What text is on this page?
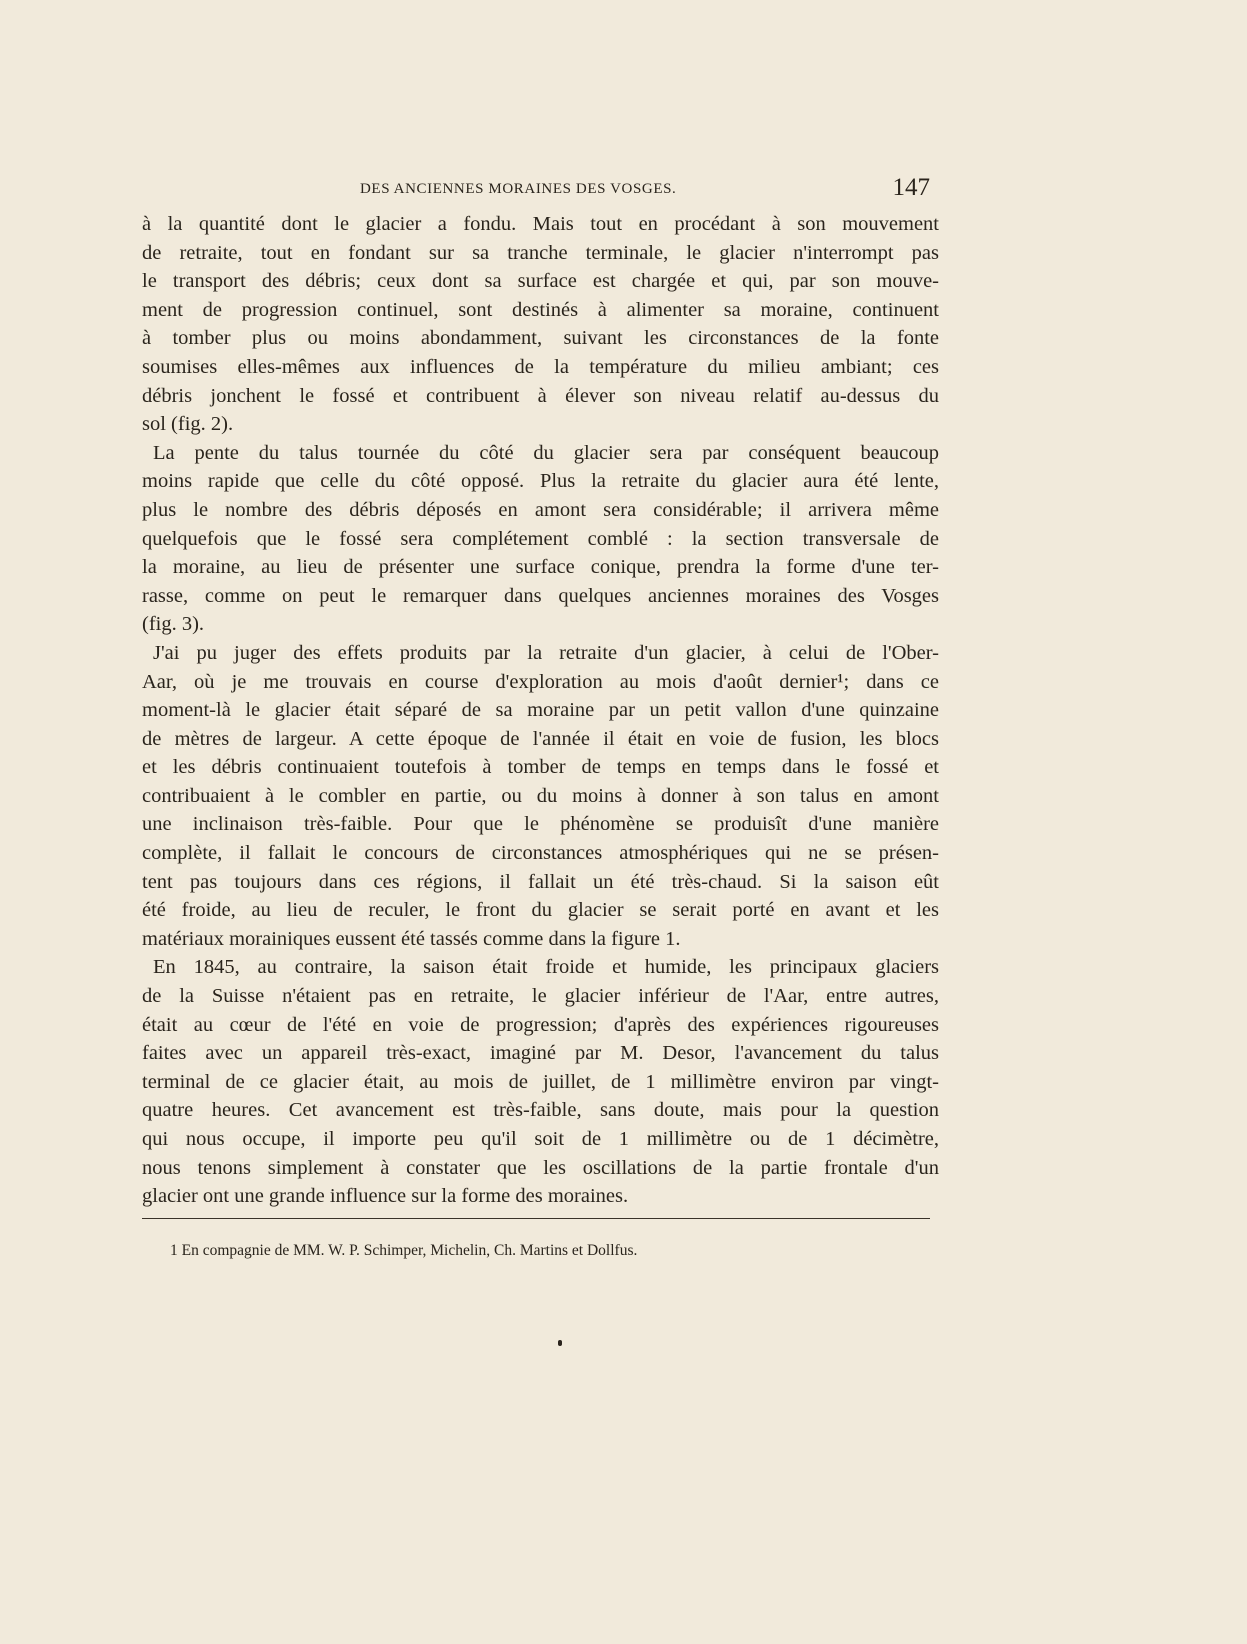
DES ANCIENNES MORAINES DES VOSGES.	147
à la quantité dont le glacier a fondu. Mais tout en procédant à son mouvement
de retraite, tout en fondant sur sa tranche terminale, le glacier n'interrompt pas
le transport des débris; ceux dont sa surface est chargée et qui, par son mouve-
ment de progression continuel, sont destinés à alimenter sa moraine, continuent
à tomber plus ou moins abondamment, suivant les circonstances de la fonte
soumises elles-mêmes aux influences de la température du milieu ambiant; ces
débris jonchent le fossé et contribuent à élever son niveau relatif au-dessus du
sol (fig. 2).
La pente du talus tournée du côté du glacier sera par conséquent beaucoup
moins rapide que celle du côté opposé. Plus la retraite du glacier aura été lente,
plus le nombre des débris déposés en amont sera considérable; il arrivera même
quelquefois que le fossé sera complétement comblé : la section transversale de
la moraine, au lieu de présenter une surface conique, prendra la forme d'une ter-
rasse, comme on peut le remarquer dans quelques anciennes moraines des Vosges
(fig. 3).
J'ai pu juger des effets produits par la retraite d'un glacier, à celui de l'Ober-
Aar, où je me trouvais en course d'exploration au mois d'août dernier¹; dans ce
moment-là le glacier était séparé de sa moraine par un petit vallon d'une quinzaine
de mètres de largeur. A cette époque de l'année il était en voie de fusion, les blocs
et les débris continuaient toutefois à tomber de temps en temps dans le fossé et
contribuaient à le combler en partie, ou du moins à donner à son talus en amont
une inclinaison très-faible. Pour que le phénomène se produisît d'une manière
complète, il fallait le concours de circonstances atmosphériques qui ne se présen-
tent pas toujours dans ces régions, il fallait un été très-chaud. Si la saison eût
été froide, au lieu de reculer, le front du glacier se serait porté en avant et les
matériaux morainiques eussent été tassés comme dans la figure 1.
En 1845, au contraire, la saison était froide et humide, les principaux glaciers
de la Suisse n'étaient pas en retraite, le glacier inférieur de l'Aar, entre autres,
était au cœur de l'été en voie de progression; d'après des expériences rigoureuses
faites avec un appareil très-exact, imaginé par M. Desor, l'avancement du talus
terminal de ce glacier était, au mois de juillet, de 1 millimètre environ par vingt-
quatre heures. Cet avancement est très-faible, sans doute, mais pour la question
qui nous occupe, il importe peu qu'il soit de 1 millimètre ou de 1 décimètre,
nous tenons simplement à constater que les oscillations de la partie frontale d'un
glacier ont une grande influence sur la forme des moraines.
1 En compagnie de MM. W. P. Schimper, Michelin, Ch. Martins et Dollfus.
